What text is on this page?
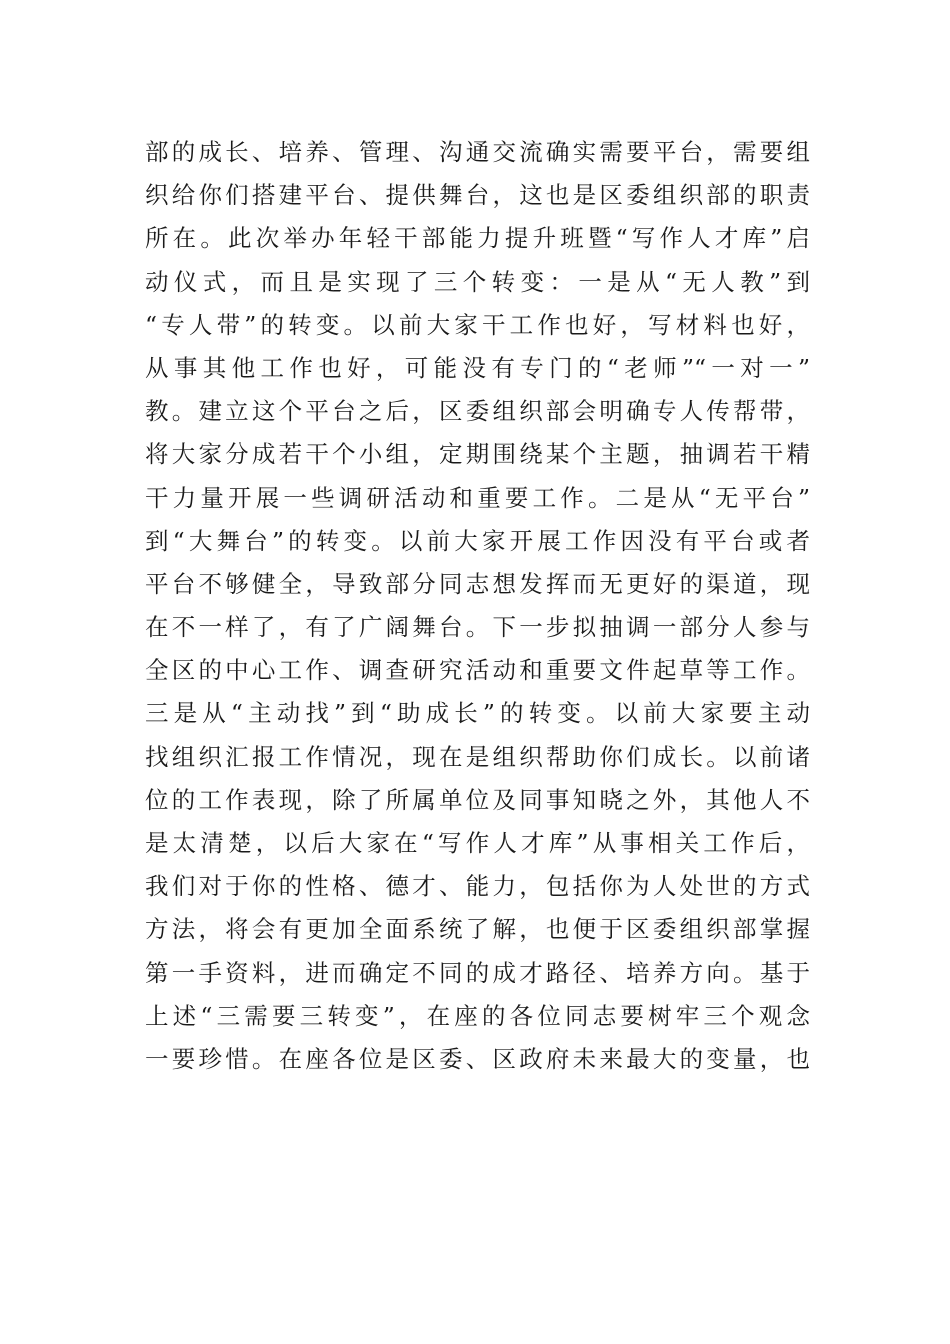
部的成长、培养、管理、沟通交流确实需要平台，需要组
织给你们搭建平台、提供舞台，这也是区委组织部的职责
所在。此次举办年轻干部能力提升班暨“写作人才库”启
动仪式，而且是实现了三个转变：一是从“无人教”到
“专人带”的转变。以前大家干工作也好，写材料也好，
从事其他工作也好，可能没有专门的“老师”“一对一”
教。建立这个平台之后，区委组织部会明确专人传帮带，
将大家分成若干个小组，定期围绕某个主题，抽调若干精
干力量开展一些调研活动和重要工作。二是从“无平台”
到“大舞台”的转变。以前大家开展工作因没有平台或者
平台不够健全，导致部分同志想发挥而无更好的渠道，现
在不一样了，有了广阔舞台。下一步拟抽调一部分人参与
全区的中心工作、调查研究活动和重要文件起草等工作。
三是从“主动找”到“助成长”的转变。以前大家要主动
找组织汇报工作情况，现在是组织帮助你们成长。以前诸
位的工作表现，除了所属单位及同事知晓之外，其他人不
是太清楚，以后大家在“写作人才库”从事相关工作后，
我们对于你的性格、德才、能力，包括你为人处世的方式
方法，将会有更加全面系统了解，也便于区委组织部掌握
第一手资料，进而确定不同的成才路径、培养方向。基于
上述“三需要三转变”，在座的各位同志要树牢三个观念
一要珍惜。在座各位是区委、区政府未来最大的变量，也
